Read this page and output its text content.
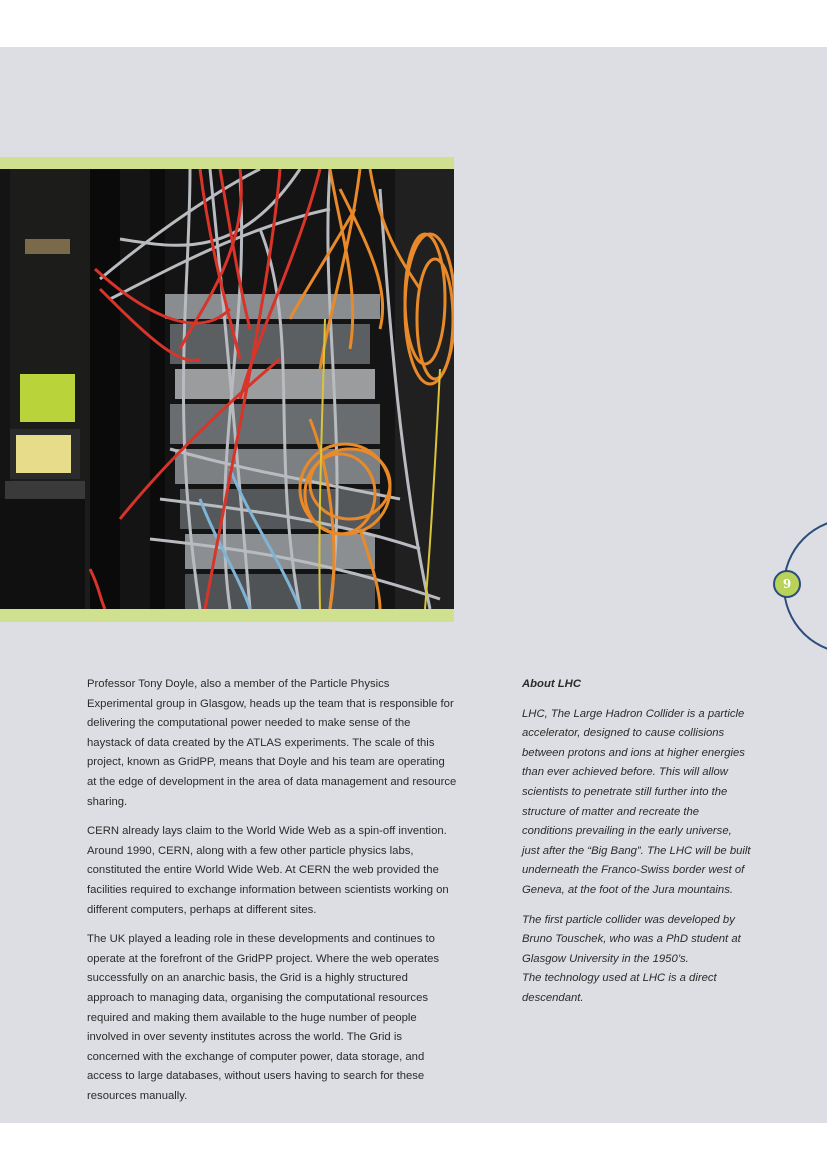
9

Professor Tony Doyle, also a member of the Particle Physics Experimental group in Glasgow, heads up the team that is responsible for delivering the computational power needed to make sense of the haystack of data created by the ATLAS experiments. The scale of this project, known as GridPP, means that Doyle and his team are operating at the edge of development in the area of data management and resource sharing.

CERN already lays claim to the World Wide Web as a spin-off invention. Around 1990, CERN, along with a few other particle physics labs, constituted the entire World Wide Web. At CERN the web provided the facilities required to exchange information between scientists working on different computers, perhaps at different sites.

The UK played a leading role in these developments and continues to operate at the forefront of the GridPP project. Where the web operates successfully on an anarchic basis, the Grid is a highly structured approach to managing data, organising the computational resources required and making them available to the huge number of people involved in over seventy institutes across the world. The Grid is concerned with the exchange of computer power, data storage, and access to large databases, without users having to search for these resources manually.

About LHC

LHC, The Large Hadron Collider is a particle accelerator, designed to cause collisions between protons and ions at higher energies than ever achieved before. This will allow scientists to penetrate still further into the structure of matter and recreate the conditions prevailing in the early universe, just after the “Big Bang”. The LHC will be built underneath the Franco-Swiss border west of Geneva, at the foot of the Jura mountains.

The first particle collider was developed by Bruno Touschek, who was a PhD student at Glasgow University in the 1950’s.

The technology used at LHC is a direct descendant.
